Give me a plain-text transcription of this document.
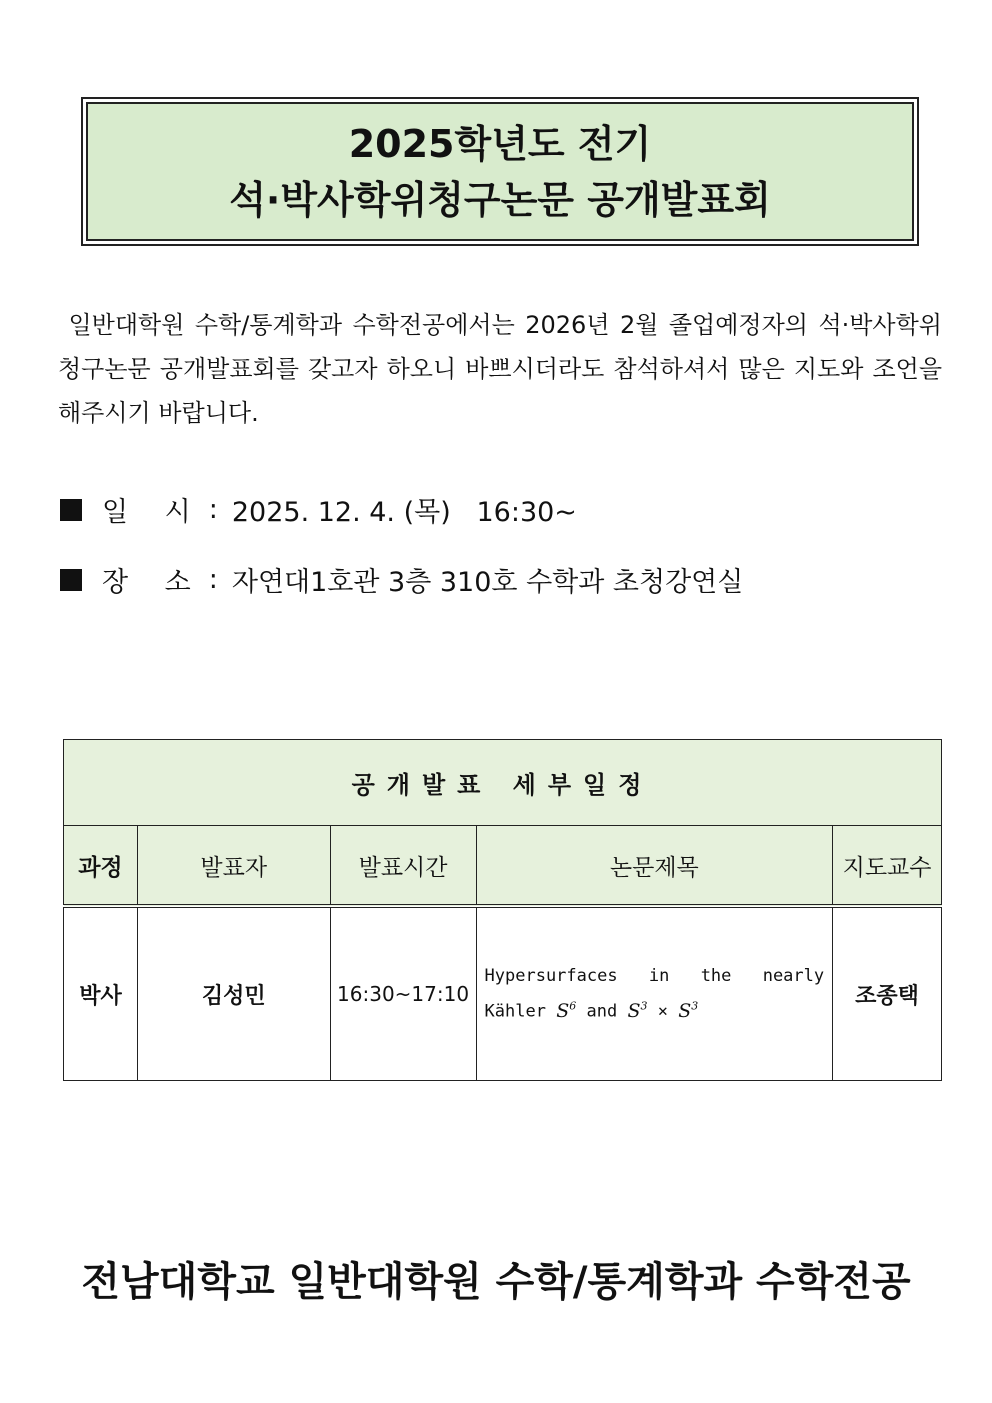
2025학년도 전기
석·박사학위청구논문 공개발표회
일반대학원 수학/통계학과 수학전공에서는 2026년 2월 졸업예정자의 석·박사학위청구논문 공개발표회를 갖고자 하오니 바쁘시더라도 참석하셔서 많은 지도와 조언을 해주시기 바랍니다.
일 시 : 2025. 12. 4. (목)   16:30~
장 소 : 자연대1호관 3층 310호 수학과 초청강연실
공개발표 세부일정				
과정	발표자	발표시간	논문제목	지도교수
박사	김성민	16:30~17:10	Hypersurfaces in the nearly Kähler $S^6$ and $S^3 \times S^3$	조종택
전남대학교 일반대학원 수학/통계학과 수학전공
